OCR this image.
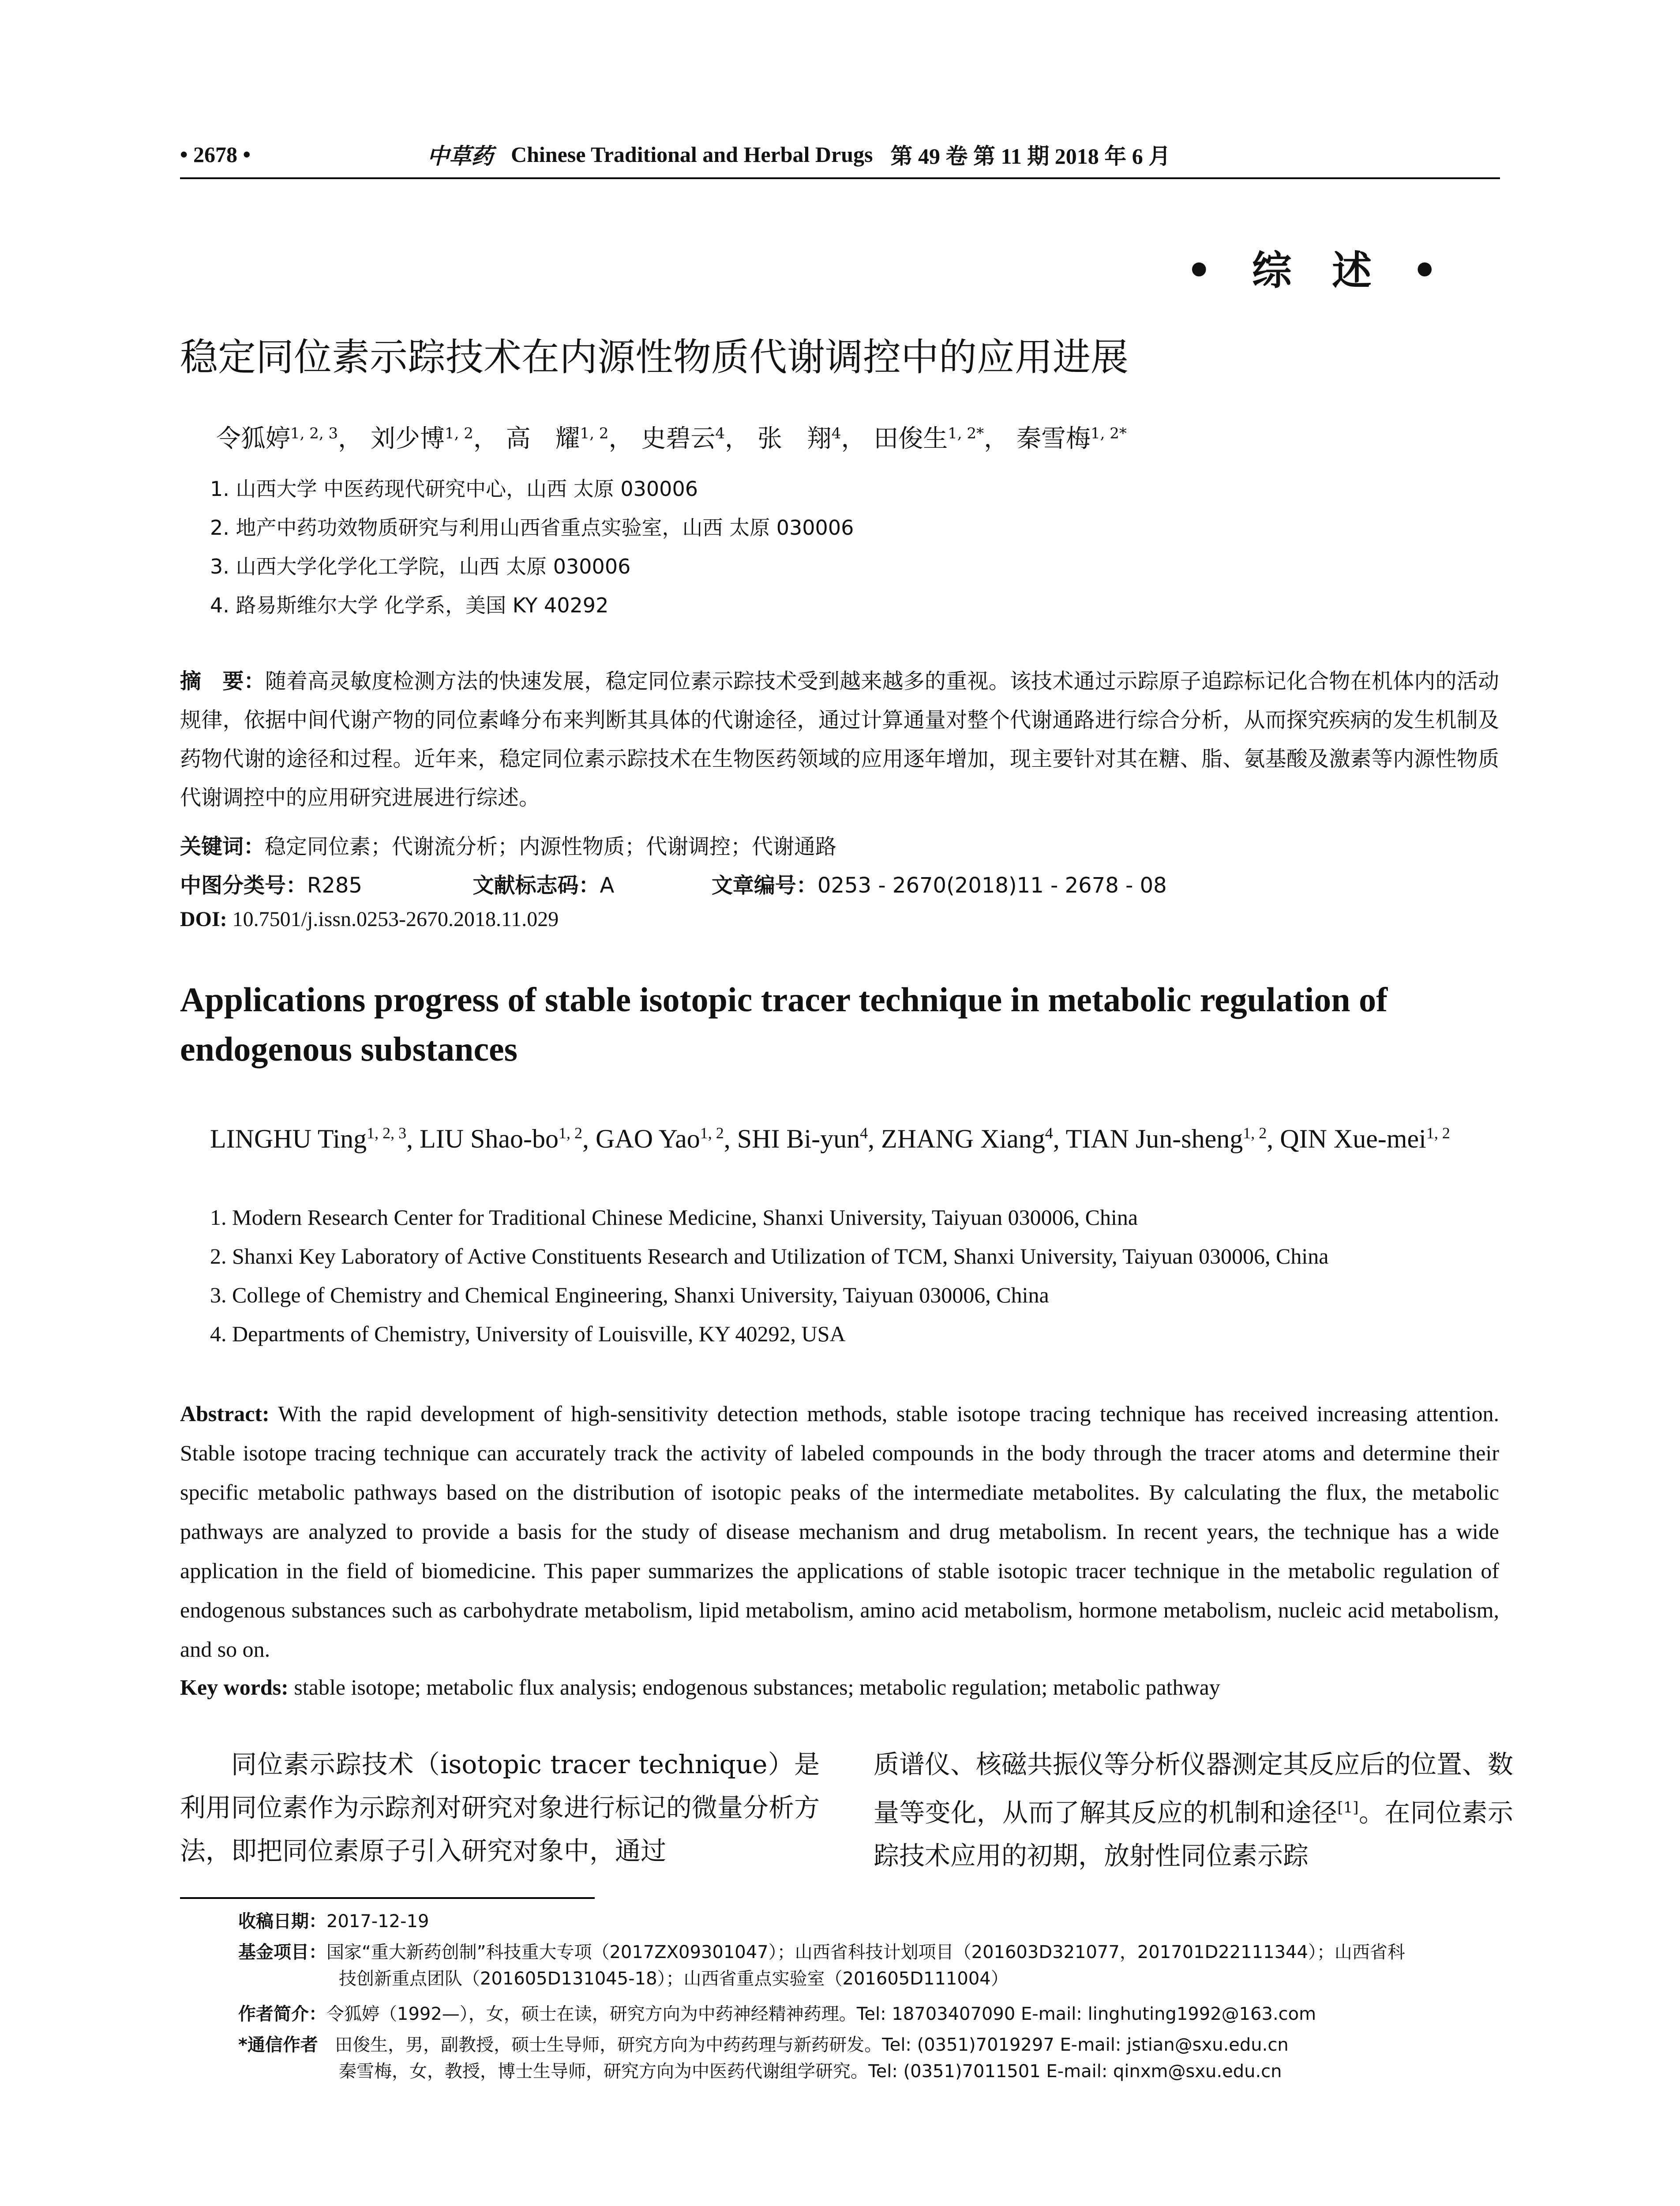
• 2678 •	中草药 Chinese Traditional and Herbal Drugs 第 49 卷 第 11 期 2018 年 6 月
• 综 述 •
稳定同位素示踪技术在内源性物质代谢调控中的应用进展
令狐婷$^{1, 2, 3}$， 刘少博$^{1, 2}$， 高　耀$^{1, 2}$， 史碧云$^4$， 张　翔$^4$， 田俊生$^{1, 2*}$， 秦雪梅$^{1, 2*}$
1. 山西大学 中医药现代研究中心，山西 太原 030006
2. 地产中药功效物质研究与利用山西省重点实验室，山西 太原 030006
3. 山西大学化学化工学院，山西 太原 030006
4. 路易斯维尔大学 化学系，美国 KY 40292
摘　要：随着高灵敏度检测方法的快速发展，稳定同位素示踪技术受到越来越多的重视。该技术通过示踪原子追踪标记化合物在机体内的活动规律，依据中间代谢产物的同位素峰分布来判断其具体的代谢途径，通过计算通量对整个代谢通路进行综合分析，从而探究疾病的发生机制及药物代谢的途径和过程。近年来，稳定同位素示踪技术在生物医药领域的应用逐年增加，现主要针对其在糖、脂、氨基酸及激素等内源性物质代谢调控中的应用研究进展进行综述。
关键词：稳定同位素；代谢流分析；内源性物质；代谢调控；代谢通路
中图分类号：R285	文献标志码：A	文章编号：0253 - 2670(2018)11 - 2678 - 08
DOI: 10.7501/j.issn.0253-2670.2018.11.029
Applications progress of stable isotopic tracer technique in metabolic regulation of endogenous substances
LINGHU Ting$^{1, 2, 3}$, LIU Shao-bo$^{1, 2}$, GAO Yao$^{1, 2}$, SHI Bi-yun$^4$, ZHANG Xiang$^4$, TIAN Jun-sheng$^{1, 2}$, QIN Xue-mei$^{1, 2}$
1. Modern Research Center for Traditional Chinese Medicine, Shanxi University, Taiyuan 030006, China
2. Shanxi Key Laboratory of Active Constituents Research and Utilization of TCM, Shanxi University, Taiyuan 030006, China
3. College of Chemistry and Chemical Engineering, Shanxi University, Taiyuan 030006, China
4. Departments of Chemistry, University of Louisville, KY 40292, USA
Abstract: With the rapid development of high-sensitivity detection methods, stable isotope tracing technique has received increasing attention. Stable isotope tracing technique can accurately track the activity of labeled compounds in the body through the tracer atoms and determine their specific metabolic pathways based on the distribution of isotopic peaks of the intermediate metabolites. By calculating the flux, the metabolic pathways are analyzed to provide a basis for the study of disease mechanism and drug metabolism. In recent years, the technique has a wide application in the field of biomedicine. This paper summarizes the applications of stable isotopic tracer technique in the metabolic regulation of endogenous substances such as carbohydrate metabolism, lipid metabolism, amino acid metabolism, hormone metabolism, nucleic acid metabolism, and so on.
Key words: stable isotope; metabolic flux analysis; endogenous substances; metabolic regulation; metabolic pathway
同位素示踪技术（isotopic tracer technique）是利用同位素作为示踪剂对研究对象进行标记的微量分析方法，即把同位素原子引入研究对象中，通过
质谱仪、核磁共振仪等分析仪器测定其反应后的位置、数量等变化，从而了解其反应的机制和途径[1]。在同位素示踪技术应用的初期，放射性同位素示踪
收稿日期：2017-12-19
基金项目：国家“重大新药创制”科技重大专项（2017ZX09301047）；山西省科技计划项目（201603D321077，201701D22111344）；山西省科
技创新重点团队（201605D131045-18）；山西省重点实验室（201605D111004）
作者简介：令狐婷（1992—），女，硕士在读，研究方向为中药神经精神药理。Tel: 18703407090 E-mail: linghuting1992@163.com
*通信作者 田俊生，男，副教授，硕士生导师，研究方向为中药药理与新药研发。Tel: (0351)7019297 E-mail: jstian@sxu.edu.cn
秦雪梅，女，教授，博士生导师，研究方向为中医药代谢组学研究。Tel: (0351)7011501 E-mail: qinxm@sxu.edu.cn
